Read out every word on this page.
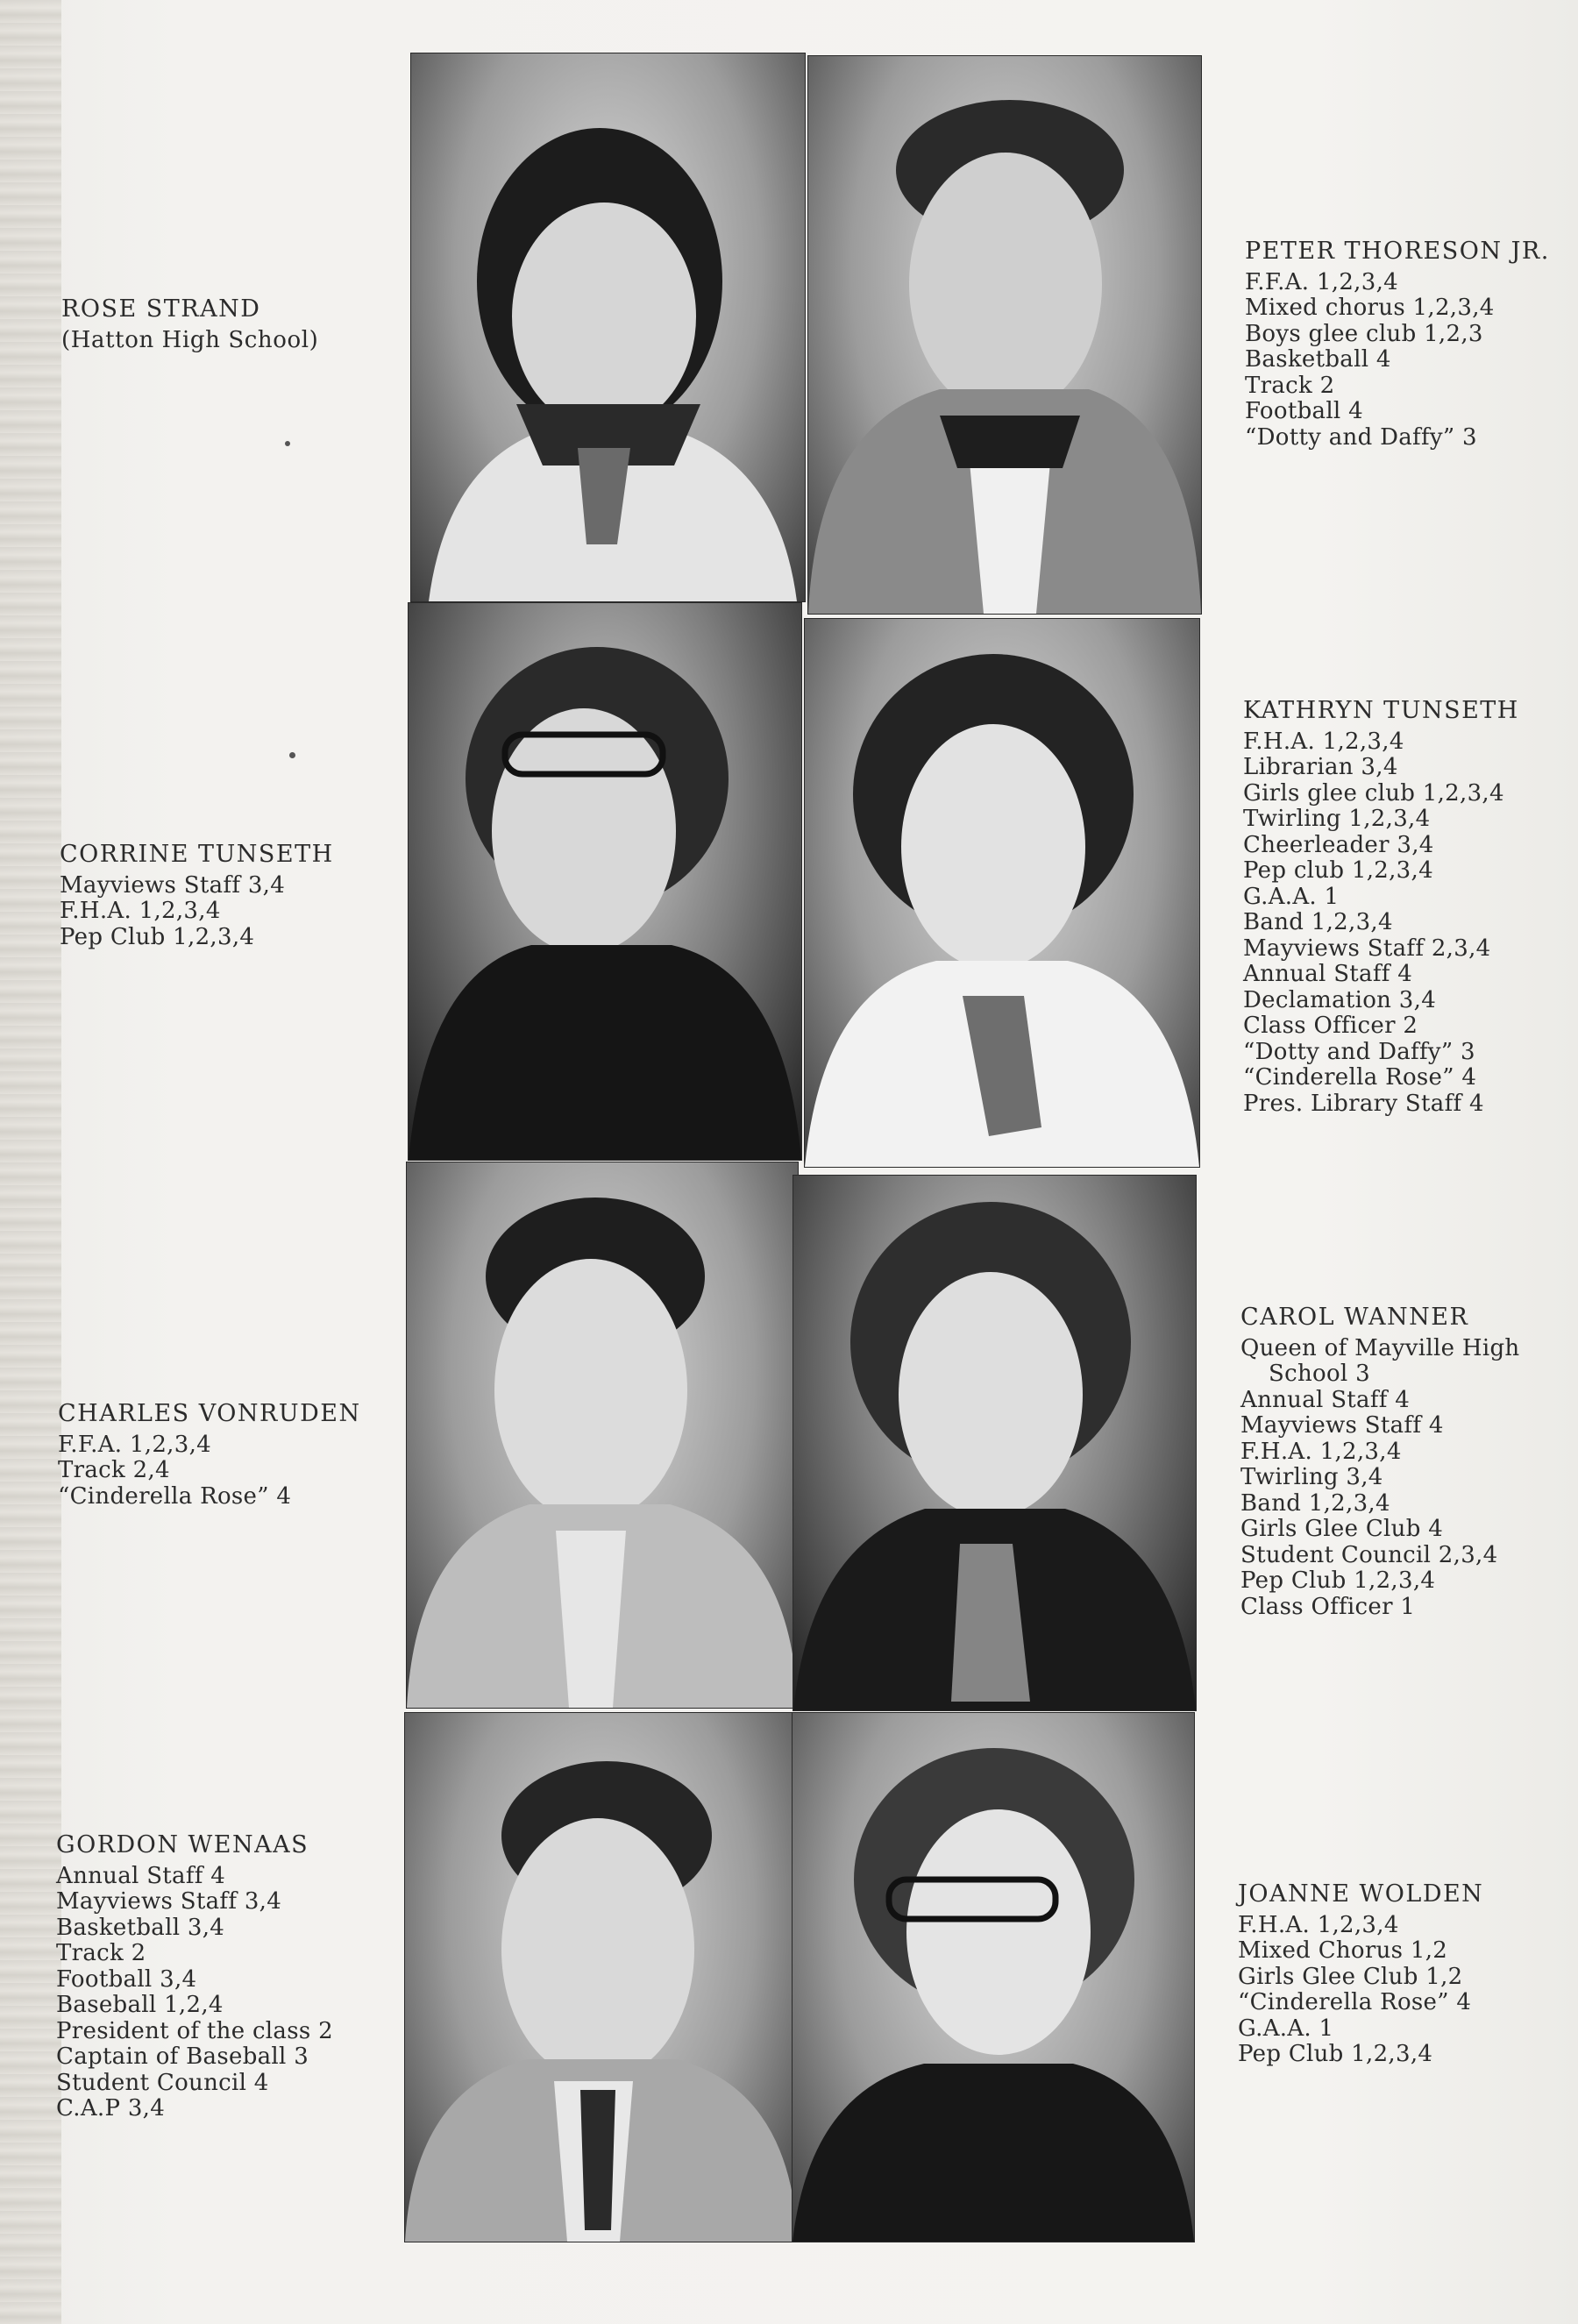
ROSE STRAND
(Hatton High School)
PETER THORESON JR.
F.F.A. 1,2,3,4
Mixed chorus 1,2,3,4
Boys glee club 1,2,3
Basketball 4
Track 2
Football 4
“Dotty and Daffy” 3
CORRINE TUNSETH
Mayviews Staff 3,4
F.H.A. 1,2,3,4
Pep Club 1,2,3,4
KATHRYN TUNSETH
F.H.A. 1,2,3,4
Librarian 3,4
Girls glee club 1,2,3,4
Twirling 1,2,3,4
Cheerleader 3,4
Pep club 1,2,3,4
G.A.A. 1
Band 1,2,3,4
Mayviews Staff 2,3,4
Annual Staff 4
Declamation 3,4
Class Officer 2
“Dotty and Daffy” 3
“Cinderella Rose” 4
Pres. Library Staff 4
CHARLES VONRUDEN
F.F.A. 1,2,3,4
Track 2,4
“Cinderella Rose” 4
CAROL WANNER
Queen of Mayville High
School 3
Annual Staff 4
Mayviews Staff 4
F.H.A. 1,2,3,4
Twirling 3,4
Band 1,2,3,4
Girls Glee Club 4
Student Council 2,3,4
Pep Club 1,2,3,4
Class Officer 1
GORDON WENAAS
Annual Staff 4
Mayviews Staff 3,4
Basketball 3,4
Track 2
Football 3,4
Baseball 1,2,4
President of the class 2
Captain of Baseball 3
Student Council 4
C.A.P 3,4
JOANNE WOLDEN
F.H.A. 1,2,3,4
Mixed Chorus 1,2
Girls Glee Club 1,2
“Cinderella Rose” 4
G.A.A. 1
Pep Club 1,2,3,4
